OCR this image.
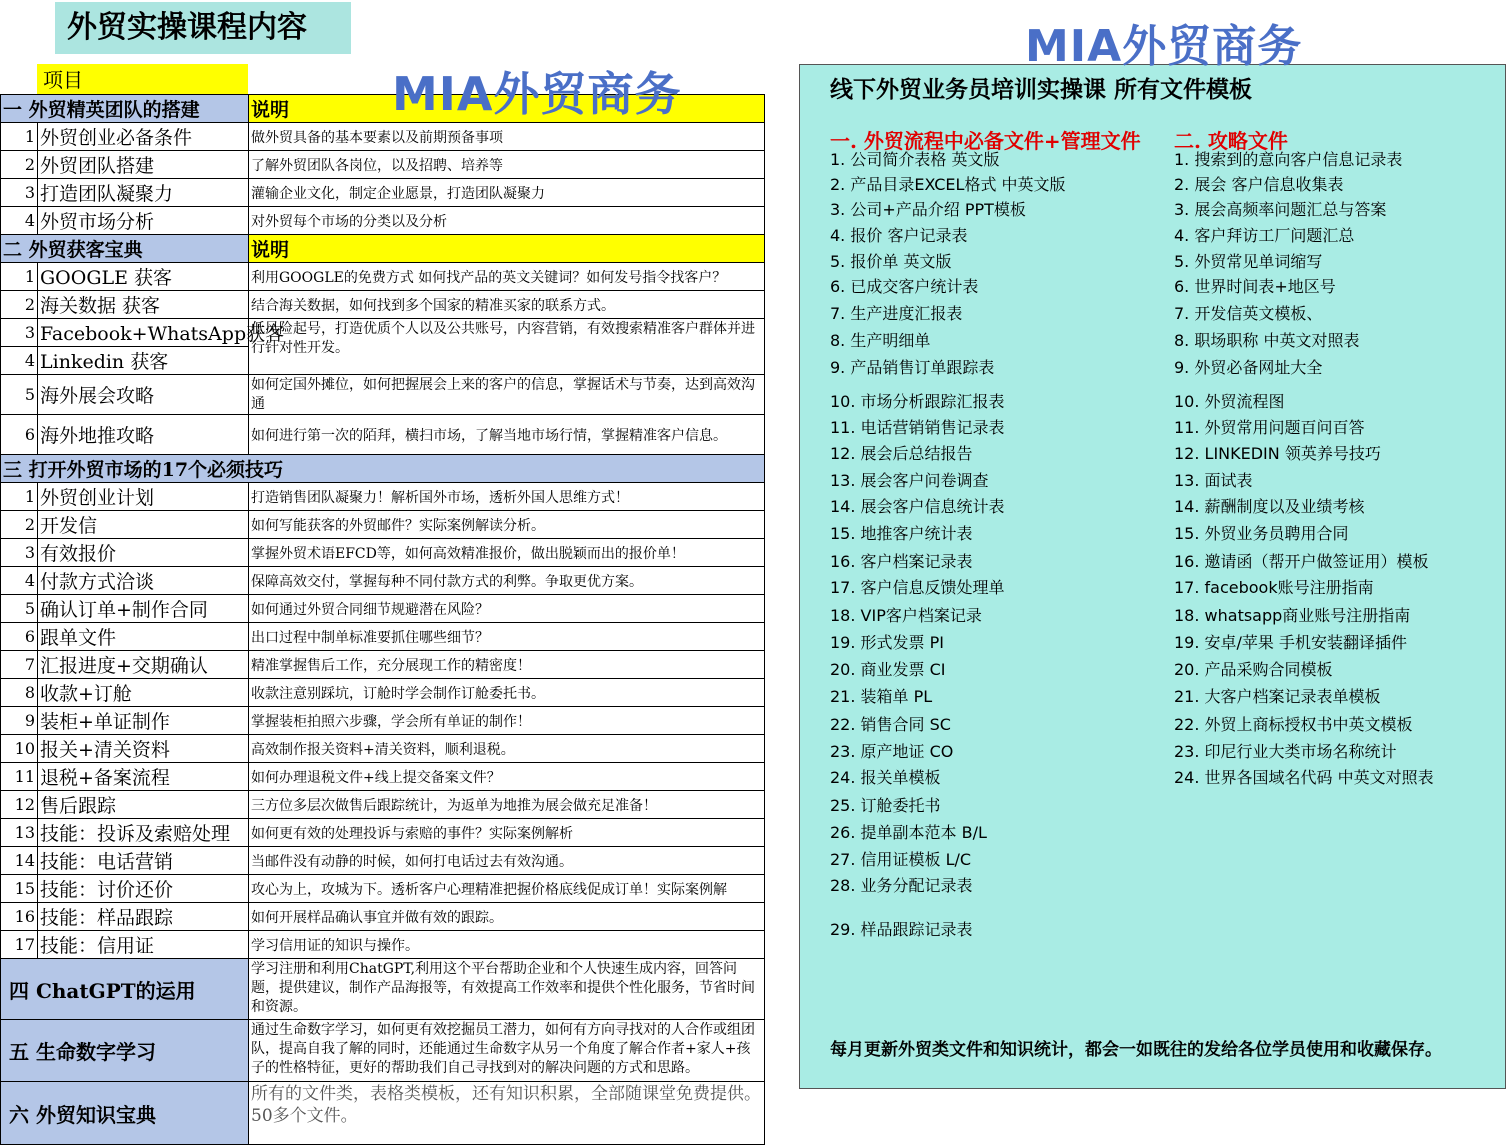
外贸实操课程内容
项目	MIA外贸商务
一 外贸精英团队的搭建		说明
1	外贸创业必备条件	做外贸具备的基本要素以及前期预备事项
2	外贸团队搭建	了解外贸团队各岗位，以及招聘、培养等
3	打造团队凝聚力	灌输企业文化，制定企业愿景，打造团队凝聚力
4	外贸市场分析	对外贸每个市场的分类以及分析
二 外贸获客宝典		说明
1	GOOGLE 获客	利用GOOGLE的免费方式 如何找产品的英文关键词？如何发号指令找客户？
2	海关数据 获客	结合海关数据，如何找到多个国家的精准买家的联系方式。
3	Facebook+WhatsApp获客	低风险起号，打造优质个人以及公共账号，内容营销，有效搜索精准客户群体并进行针对性开发。
4	Linkedin 获客	
5	海外展会攻略	如何定国外摊位，如何把握展会上来的客户的信息，掌握话术与节奏，达到高效沟通
6	海外地推攻略	如何进行第一次的陌拜，横扫市场，了解当地市场行情，掌握精准客户信息。
三 打开外贸市场的17个必须技巧		
1	外贸创业计划	打造销售团队凝聚力！解析国外市场，透析外国人思维方式！
2	开发信	如何写能获客的外贸邮件？实际案例解读分析。
3	有效报价	掌握外贸术语EFCD等，如何高效精准报价，做出脱颖而出的报价单！
4	付款方式洽谈	保障高效交付，掌握每种不同付款方式的利弊。争取更优方案。
5	确认订单+制作合同	如何通过外贸合同细节规避潜在风险？
6	跟单文件	出口过程中制单标准要抓住哪些细节？
7	汇报进度+交期确认	精准掌握售后工作，充分展现工作的精密度！
8	收款+订舱	收款注意别踩坑，订舱时学会制作订舱委托书。
9	装柜+单证制作	掌握装柜拍照六步骤，学会所有单证的制作！
10	报关+清关资料	高效制作报关资料+清关资料，顺利退税。
11	退税+备案流程	如何办理退税文件+线上提交备案文件？
12	售后跟踪	三方位多层次做售后跟踪统计，为返单为地推为展会做充足准备！
13	技能：投诉及索赔处理	如何更有效的处理投诉与索赔的事件？实际案例解析
14	技能：电话营销	当邮件没有动静的时候，如何打电话过去有效沟通。
15	技能：讨价还价	攻心为上，攻城为下。透析客户心理精准把握价格底线促成订单！实际案例解
16	技能：样品跟踪	如何开展样品确认事宜并做有效的跟踪。
17	技能：信用证	学习信用证的知识与操作。
四 ChatGPT的运用		学习注册和利用ChatGPT,利用这个平台帮助企业和个人快速生成内容，回答问题，提供建议，制作产品海报等，有效提高工作效率和提供个性化服务，节省时间和资源。
五 生命数字学习		通过生命数字学习，如何更有效挖掘员工潜力，如何有方向寻找对的人合作或组团队，提高自我了解的同时，还能通过生命数字从另一个角度了解合作者+家人+孩子的性格特征，更好的帮助我们自己寻找到对的解决问题的方式和思路。
六 外贸知识宝典		所有的文件类，表格类模板，还有知识积累，全部随课堂免费提供。 50多个文件。
MIA外贸商务
线下外贸业务员培训实操课 所有文件模板
一. 外贸流程中必备文件+管理文件 二. 攻略文件
1. 公司简介表格 英文版
2. 产品目录EXCEL格式 中英文版
3. 公司+产品介绍 PPT模板
4. 报价 客户记录表
5. 报价单 英文版
6. 已成交客户统计表
7. 生产进度汇报表
8. 生产明细单
9. 产品销售订单跟踪表
10. 市场分析跟踪汇报表
11. 电话营销销售记录表
12. 展会后总结报告
13. 展会客户问卷调查
14. 展会客户信息统计表
15. 地推客户统计表
16. 客户档案记录表
17. 客户信息反馈处理单
18. VIP客户档案记录
19. 形式发票 PI
20. 商业发票 CI
21. 装箱单 PL
22. 销售合同 SC
23. 原产地证 CO
24. 报关单模板
25. 订舱委托书
26. 提单副本范本 B/L
27. 信用证模板 L/C
28. 业务分配记录表
29. 样品跟踪记录表
1. 搜索到的意向客户信息记录表
2. 展会 客户信息收集表
3. 展会高频率问题汇总与答案
4. 客户拜访工厂问题汇总
5. 外贸常见单词缩写
6. 世界时间表+地区号
7. 开发信英文模板、
8. 职场职称 中英文对照表
9. 外贸必备网址大全
10. 外贸流程图
11. 外贸常用问题百问百答
12. LINKEDIN 领英养号技巧
13. 面试表
14. 薪酬制度以及业绩考核
15. 外贸业务员聘用合同
16. 邀请函（帮开户做签证用）模板
17. facebook账号注册指南
18. whatsapp商业账号注册指南
19. 安卓/苹果 手机安装翻译插件
20. 产品采购合同模板
21. 大客户档案记录表单模板
22. 外贸上商标授权书中英文模板
23. 印尼行业大类市场名称统计
24. 世界各国域名代码 中英文对照表
每月更新外贸类文件和知识统计，都会一如既往的发给各位学员使用和收藏保存。
